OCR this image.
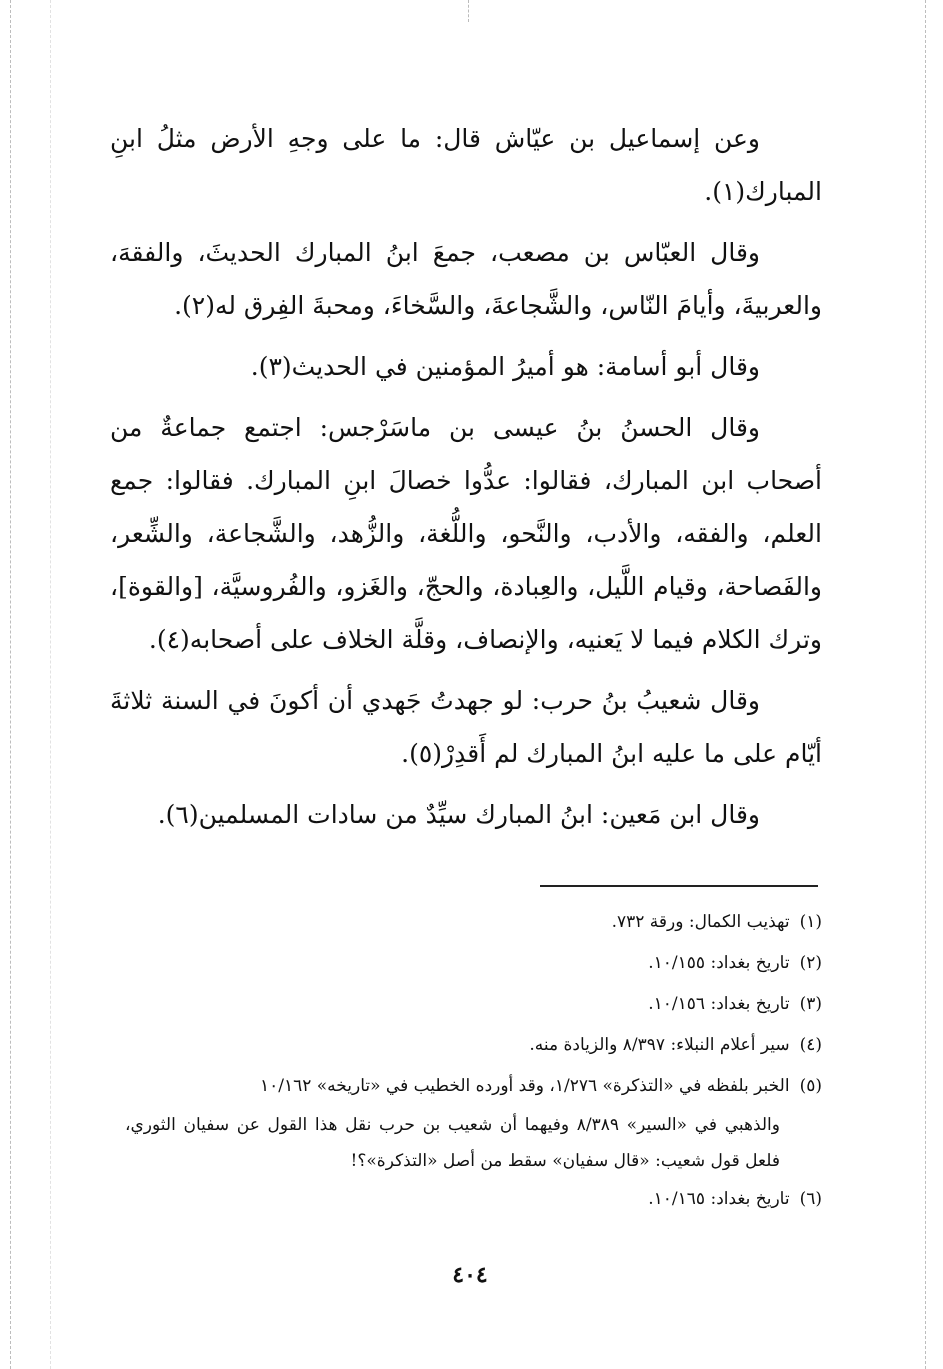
وعن إسماعيل بن عيّاش قال: ما على وجهِ الأرض مثلُ ابنِ المبارك(١).

وقال العبّاس بن مصعب، جمعَ ابنُ المبارك الحديثَ، والفقهَ، والعربيةَ، وأيامَ النّاس، والشَّجاعةَ، والسَّخاءَ، ومحبةَ الفِرق له(٢).

وقال أبو أسامة: هو أميرُ المؤمنين في الحديث(٣).

وقال الحسنُ بنُ عيسى بن ماسَرْجس: اجتمع جماعةٌ من أصحاب ابن المبارك، فقالوا: عدُّوا خصالَ ابنِ المبارك. فقالوا: جمع العلم، والفقه، والأدب، والنَّحو، واللُّغة، والزُّهد، والشَّجاعة، والشِّعر، والفَصاحة، وقيام اللَّيل، والعِبادة، والحجّ، والغَزو، والفُروسيَّة، [والقوة]، وترك الكلام فيما لا يَعنيه، والإنصاف، وقلَّة الخلاف على أصحابه(٤).

وقال شعيبُ بنُ حرب: لو جهدتُ جَهدي أن أكونَ في السنة ثلاثةَ أيّام على ما عليه ابنُ المبارك لم أَقدِرْ(٥).

وقال ابن مَعين: ابنُ المبارك سيِّدٌ من سادات المسلمين(٦).

(١)تهذيب الكمال: ورقة ٧٣٢.

(٢)تاريخ بغداد: ١٠/١٥٥.

(٣)تاريخ بغداد: ١٠/١٥٦.

(٤)سير أعلام النبلاء: ٨/٣٩٧ والزيادة منه.

(٥)الخبر بلفظه في «التذكرة» ١/٢٧٦، وقد أورده الخطيب في «تاريخه» ١٠/١٦٢

والذهبي في «السير» ٨/٣٨٩ وفيهما أن شعيب بن حرب نقل هذا القول عن سفيان الثوري، فلعل قول شعيب: «قال سفيان» سقط من أصل «التذكرة»؟!

(٦)تاريخ بغداد: ١٠/١٦٥.

٤٠٤
